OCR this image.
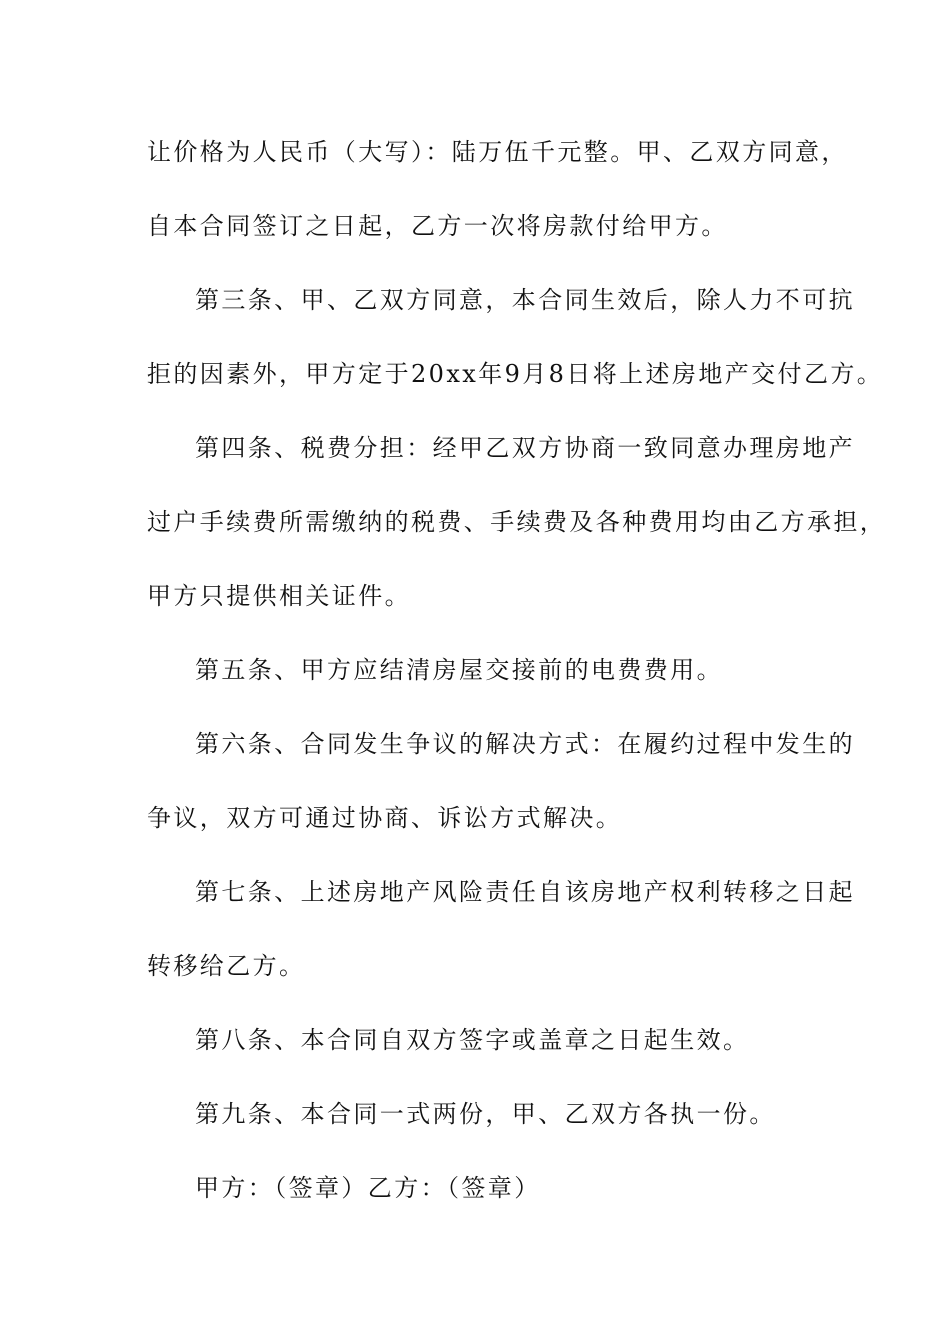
让价格为人民币（大写）：陆万伍千元整。甲、乙双方同意，
自本合同签订之日起，乙方一次将房款付给甲方。
第三条、甲、乙双方同意，本合同生效后，除人力不可抗
拒的因素外，甲方定于20xx年9月8日将上述房地产交付乙方。
第四条、税费分担：经甲乙双方协商一致同意办理房地产
过户手续费所需缴纳的税费、手续费及各种费用均由乙方承担，
甲方只提供相关证件。
第五条、甲方应结清房屋交接前的电费费用。
第六条、合同发生争议的解决方式：在履约过程中发生的
争议，双方可通过协商、诉讼方式解决。
第七条、上述房地产风险责任自该房地产权利转移之日起
转移给乙方。
第八条、本合同自双方签字或盖章之日起生效。
第九条、本合同一式两份，甲、乙双方各执一份。
甲方：（签章）乙方：（签章）
